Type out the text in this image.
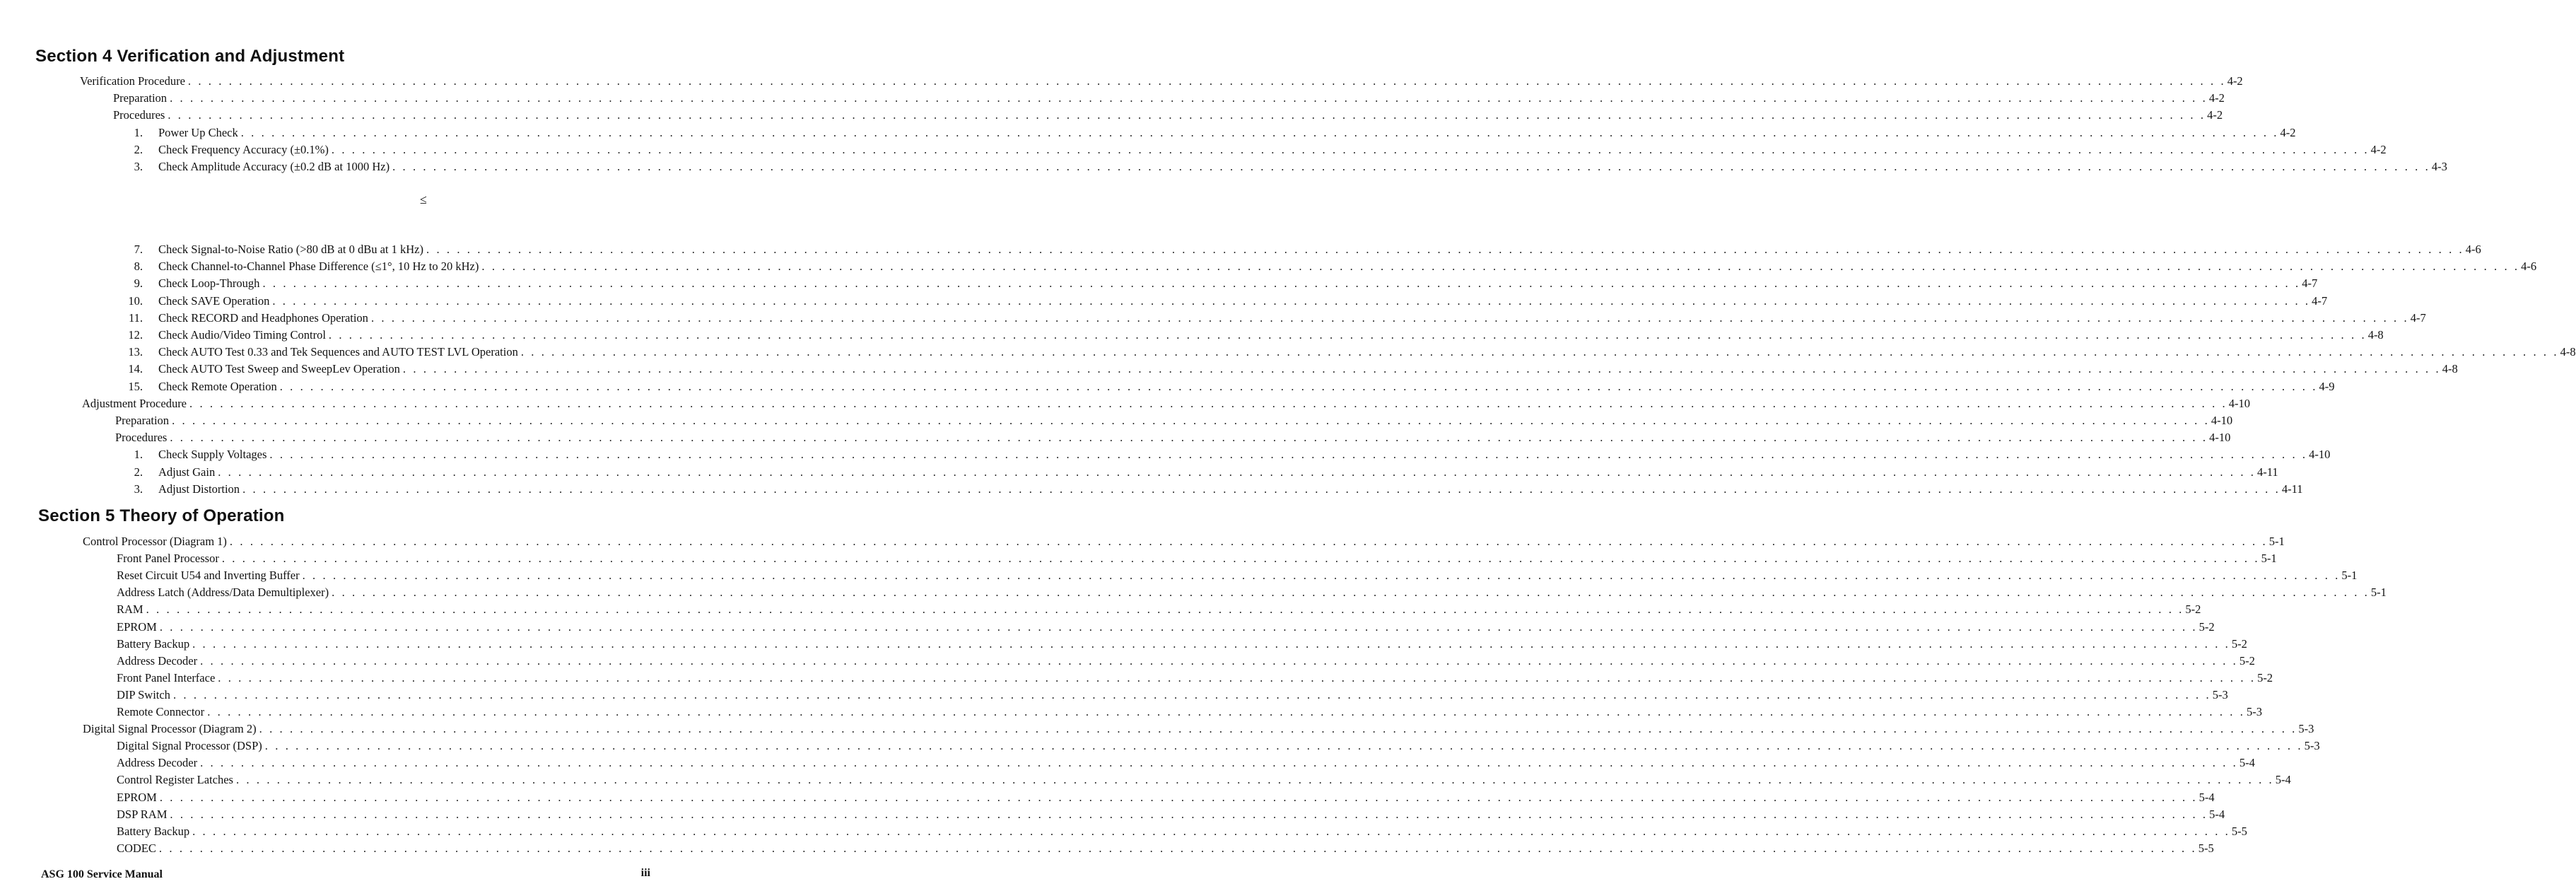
Section 4 Verification and Adjustment
Verification Procedure . . . . . . . . . . . . . . . . . . . . . . . . . . . . . . . . . . . . . . . . . . . . . . . . . . . . . . . . . . . . . . . . . . . . . . . . . . . . . . . . . . . . . . . . . . . . . . . . . . . . . . . . . . . . . . . . . . . . . . . . . . . . . . . . . . . . . . . . . . . . . . . . . . . . . . . . . . . . . . . . . . . . . . . . . . . . . . . . . . . . . . . . . . . . . . . . . . . . . . . . 4-2
Preparation . . . . . . . . . . . . . . . . . . . . . . . . . . . . . . . . . . . . . . . . . . . . . . . . . . . . . . . . . . . . . . . . . . . . . . . . . . . . . . . . . . . . . . . . . . . . . . . . . . . . . . . . . . . . . . . . . . . . . . . . . . . . . . . . . . . . . . . . . . . . . . . . . . . . . . . . . . . . . . . . . . . . . . . . . . . . . . . . . . . . . . . . . . . . . . . . . . . . . . . . 4-2
Procedures . . . . . . . . . . . . . . . . . . . . . . . . . . . . . . . . . . . . . . . . . . . . . . . . . . . . . . . . . . . . . . . . . . . . . . . . . . . . . . . . . . . . . . . . . . . . . . . . . . . . . . . . . . . . . . . . . . . . . . . . . . . . . . . . . . . . . . . . . . . . . . . . . . . . . . . . . . . . . . . . . . . . . . . . . . . . . . . . . . . . . . . . . . . . . . . . . . . . . . . . 4-2
1. Power Up Check . . . . . . . . . . . . . . . . . . . . . . . . . . . . . . . . . . . . . . . . . . . . . . . . . . . . . . . . . . . . . . . . . . . . . . . . . . . . . . . . . . . . . . . . . . . . . . . . . . . . . . . . . . . . . . . . . . . . . . . . . . . . . . . . . . . . . . . . . . . . . . . . . . . . . . . . . . . . . . . . . . . . . . . . . . . . . . . . . . . . . . . . . . . . . . . . . . . . . . . . 4-2
2. Check Frequency Accuracy (±0.1%) . . . . . . . . . . . . . . . . . . . . . . . . . . . . . . . . . . . . . . . . . . . . . . . . . . . . . . . . . . . . . . . . . . . . . . . . . . . . . . . . . . . . . . . . . . . . . . . . . . . . . . . . . . . . . . . . . . . . . . . . . . . . . . . . . . . . . . . . . . . . . . . . . . . . . . . . . . . . . . . . . . . . . . . . . . . . . . . . . . . . . . . . . . . . . . . . . . . . . . . . 4-2
3. Check Amplitude Accuracy (±0.2 dB at 1000 Hz) . . . . . . . . . . . . . . . . . . . . . . . . . . . . . . . . . . . . . . . . . . . . . . . . . . . . . . . . . . . . . . . . . . . . . . . . . . . . . . . . . . . . . . . . . . . . . . . . . . . . . . . . . . . . . . . . . . . . . . . . . . . . . . . . . . . . . . . . . . . . . . . . . . . . . . . . . . . . . . . . . . . . . . . . . . . . . . . . . . . . . . . . . . . . . . . . . . . . . . . . 4-3
≤
7. Check Signal-to-Noise Ratio (>80 dB at 0 dBu at 1 kHz) . . . . . . . . . . . . . . . . . . . . . . . . . . . . . . . . . . . . . . . . . . . . . . . . . . . . . . . . . . . . . . . . . . . . . . . . . . . . . . . . . . . . . . . . . . . . . . . . . . . . . . . . . . . . . . . . . . . . . . . . . . . . . . . . . . . . . . . . . . . . . . . . . . . . . . . . . . . . . . . . . . . . . . . . . . . . . . . . . . . . . . . . . . . . . . . . . . . . . . . . 4-6
8. Check Channel-to-Channel Phase Difference (≤1°, 10 Hz to 20 kHz) . . . . . . . . . . . . . . . . . . . . . . . . . . . . . . . . . . . . . . . . . . . . . . . . . . . . . . . . . . . . . . . . . . . . . . . . . . . . . . . . . . . . . . . . . . . . . . . . . . . . . . . . . . . . . . . . . . . . . . . . . . . . . . . . . . . . . . . . . . . . . . . . . . . . . . . . . . . . . . . . . . . . . . . . . . . . . . . . . . . . . . . . . . . . . . . . . . . . . . . . 4-6
9. Check Loop-Through . . . . . . . . . . . . . . . . . . . . . . . . . . . . . . . . . . . . . . . . . . . . . . . . . . . . . . . . . . . . . . . . . . . . . . . . . . . . . . . . . . . . . . . . . . . . . . . . . . . . . . . . . . . . . . . . . . . . . . . . . . . . . . . . . . . . . . . . . . . . . . . . . . . . . . . . . . . . . . . . . . . . . . . . . . . . . . . . . . . . . . . . . . . . . . . . . . . . . . . . 4-7
10. Check SAVE Operation . . . . . . . . . . . . . . . . . . . . . . . . . . . . . . . . . . . . . . . . . . . . . . . . . . . . . . . . . . . . . . . . . . . . . . . . . . . . . . . . . . . . . . . . . . . . . . . . . . . . . . . . . . . . . . . . . . . . . . . . . . . . . . . . . . . . . . . . . . . . . . . . . . . . . . . . . . . . . . . . . . . . . . . . . . . . . . . . . . . . . . . . . . . . . . . . . . . . . . . . 4-7
11. Check RECORD and Headphones Operation . . . . . . . . . . . . . . . . . . . . . . . . . . . . . . . . . . . . . . . . . . . . . . . . . . . . . . . . . . . . . . . . . . . . . . . . . . . . . . . . . . . . . . . . . . . . . . . . . . . . . . . . . . . . . . . . . . . . . . . . . . . . . . . . . . . . . . . . . . . . . . . . . . . . . . . . . . . . . . . . . . . . . . . . . . . . . . . . . . . . . . . . . . . . . . . . . . . . . . . . 4-7
12. Check Audio/Video Timing Control . . . . . . . . . . . . . . . . . . . . . . . . . . . . . . . . . . . . . . . . . . . . . . . . . . . . . . . . . . . . . . . . . . . . . . . . . . . . . . . . . . . . . . . . . . . . . . . . . . . . . . . . . . . . . . . . . . . . . . . . . . . . . . . . . . . . . . . . . . . . . . . . . . . . . . . . . . . . . . . . . . . . . . . . . . . . . . . . . . . . . . . . . . . . . . . . . . . . . . . . 4-8
13. Check AUTO Test 0.33 and Tek Sequences and AUTO TEST LVL Operation . . . . . . . . . . . . . . . . . . . . . . . . . . . . . . . . . . . . . . . . . . . . . . . . . . . . . . . . . . . . . . . . . . . . . . . . . . . . . . . . . . . . . . . . . . . . . . . . . . . . . . . . . . . . . . . . . . . . . . . . . . . . . . . . . . . . . . . . . . . . . . . . . . . . . . . . . . . . . . . . . . . . . . . . . . . . . . . . . . . . . . . . . . . . . . . . . . . . . . . . 4-8
14. Check AUTO Test Sweep and SweepLev Operation . . . . . . . . . . . . . . . . . . . . . . . . . . . . . . . . . . . . . . . . . . . . . . . . . . . . . . . . . . . . . . . . . . . . . . . . . . . . . . . . . . . . . . . . . . . . . . . . . . . . . . . . . . . . . . . . . . . . . . . . . . . . . . . . . . . . . . . . . . . . . . . . . . . . . . . . . . . . . . . . . . . . . . . . . . . . . . . . . . . . . . . . . . . . . . . . . . . . . . . . 4-8
15. Check Remote Operation . . . . . . . . . . . . . . . . . . . . . . . . . . . . . . . . . . . . . . . . . . . . . . . . . . . . . . . . . . . . . . . . . . . . . . . . . . . . . . . . . . . . . . . . . . . . . . . . . . . . . . . . . . . . . . . . . . . . . . . . . . . . . . . . . . . . . . . . . . . . . . . . . . . . . . . . . . . . . . . . . . . . . . . . . . . . . . . . . . . . . . . . . . . . . . . . . . . . . . . . 4-9
Adjustment Procedure . . . . . . . . . . . . . . . . . . . . . . . . . . . . . . . . . . . . . . . . . . . . . . . . . . . . . . . . . . . . . . . . . . . . . . . . . . . . . . . . . . . . . . . . . . . . . . . . . . . . . . . . . . . . . . . . . . . . . . . . . . . . . . . . . . . . . . . . . . . . . . . . . . . . . . . . . . . . . . . . . . . . . . . . . . . . . . . . . . . . . . . . . . . . . . . . . . . . . . . . 4-10
Preparation . . . . . . . . . . . . . . . . . . . . . . . . . . . . . . . . . . . . . . . . . . . . . . . . . . . . . . . . . . . . . . . . . . . . . . . . . . . . . . . . . . . . . . . . . . . . . . . . . . . . . . . . . . . . . . . . . . . . . . . . . . . . . . . . . . . . . . . . . . . . . . . . . . . . . . . . . . . . . . . . . . . . . . . . . . . . . . . . . . . . . . . . . . . . . . . . . . . . . . . . 4-10
Procedures . . . . . . . . . . . . . . . . . . . . . . . . . . . . . . . . . . . . . . . . . . . . . . . . . . . . . . . . . . . . . . . . . . . . . . . . . . . . . . . . . . . . . . . . . . . . . . . . . . . . . . . . . . . . . . . . . . . . . . . . . . . . . . . . . . . . . . . . . . . . . . . . . . . . . . . . . . . . . . . . . . . . . . . . . . . . . . . . . . . . . . . . . . . . . . . . . . . . . . . . 4-10
1. Check Supply Voltages . . . . . . . . . . . . . . . . . . . . . . . . . . . . . . . . . . . . . . . . . . . . . . . . . . . . . . . . . . . . . . . . . . . . . . . . . . . . . . . . . . . . . . . . . . . . . . . . . . . . . . . . . . . . . . . . . . . . . . . . . . . . . . . . . . . . . . . . . . . . . . . . . . . . . . . . . . . . . . . . . . . . . . . . . . . . . . . . . . . . . . . . . . . . . . . . . . . . . . . . 4-10
2. Adjust Gain . . . . . . . . . . . . . . . . . . . . . . . . . . . . . . . . . . . . . . . . . . . . . . . . . . . . . . . . . . . . . . . . . . . . . . . . . . . . . . . . . . . . . . . . . . . . . . . . . . . . . . . . . . . . . . . . . . . . . . . . . . . . . . . . . . . . . . . . . . . . . . . . . . . . . . . . . . . . . . . . . . . . . . . . . . . . . . . . . . . . . . . . . . . . . . . . . . . . . . . . 4-11
3. Adjust Distortion . . . . . . . . . . . . . . . . . . . . . . . . . . . . . . . . . . . . . . . . . . . . . . . . . . . . . . . . . . . . . . . . . . . . . . . . . . . . . . . . . . . . . . . . . . . . . . . . . . . . . . . . . . . . . . . . . . . . . . . . . . . . . . . . . . . . . . . . . . . . . . . . . . . . . . . . . . . . . . . . . . . . . . . . . . . . . . . . . . . . . . . . . . . . . . . . . . . . . . . . 4-11
Section 5 Theory of Operation
Control Processor (Diagram 1) . . . . . . . . . . . . . . . . . . . . . . . . . . . . . . . . . . . . . . . . . . . . . . . . . . . . . . . . . . . . . . . . . . . . . . . . . . . . . . . . . . . . . . . . . . . . . . . . . . . . . . . . . . . . . . . . . . . . . . . . . . . . . . . . . . . . . . . . . . . . . . . . . . . . . . . . . . . . . . . . . . . . . . . . . . . . . . . . . . . . . . . . . . . . . . . . . . . . . . . . 5-1
Front Panel Processor . . . . . . . . . . . . . . . . . . . . . . . . . . . . . . . . . . . . . . . . . . . . . . . . . . . . . . . . . . . . . . . . . . . . . . . . . . . . . . . . . . . . . . . . . . . . . . . . . . . . . . . . . . . . . . . . . . . . . . . . . . . . . . . . . . . . . . . . . . . . . . . . . . . . . . . . . . . . . . . . . . . . . . . . . . . . . . . . . . . . . . . . . . . . . . . . . . . . . . . . 5-1
Reset Circuit U54 and Inverting Buffer . . . . . . . . . . . . . . . . . . . . . . . . . . . . . . . . . . . . . . . . . . . . . . . . . . . . . . . . . . . . . . . . . . . . . . . . . . . . . . . . . . . . . . . . . . . . . . . . . . . . . . . . . . . . . . . . . . . . . . . . . . . . . . . . . . . . . . . . . . . . . . . . . . . . . . . . . . . . . . . . . . . . . . . . . . . . . . . . . . . . . . . . . . . . . . . . . . . . . . . . 5-1
Address Latch (Address/Data Demultiplexer) . . . . . . . . . . . . . . . . . . . . . . . . . . . . . . . . . . . . . . . . . . . . . . . . . . . . . . . . . . . . . . . . . . . . . . . . . . . . . . . . . . . . . . . . . . . . . . . . . . . . . . . . . . . . . . . . . . . . . . . . . . . . . . . . . . . . . . . . . . . . . . . . . . . . . . . . . . . . . . . . . . . . . . . . . . . . . . . . . . . . . . . . . . . . . . . . . . . . . . . . 5-1
RAM . . . . . . . . . . . . . . . . . . . . . . . . . . . . . . . . . . . . . . . . . . . . . . . . . . . . . . . . . . . . . . . . . . . . . . . . . . . . . . . . . . . . . . . . . . . . . . . . . . . . . . . . . . . . . . . . . . . . . . . . . . . . . . . . . . . . . . . . . . . . . . . . . . . . . . . . . . . . . . . . . . . . . . . . . . . . . . . . . . . . . . . . . . . . . . . . . . . . . . . . 5-2
EPROM . . . . . . . . . . . . . . . . . . . . . . . . . . . . . . . . . . . . . . . . . . . . . . . . . . . . . . . . . . . . . . . . . . . . . . . . . . . . . . . . . . . . . . . . . . . . . . . . . . . . . . . . . . . . . . . . . . . . . . . . . . . . . . . . . . . . . . . . . . . . . . . . . . . . . . . . . . . . . . . . . . . . . . . . . . . . . . . . . . . . . . . . . . . . . . . . . . . . . . . . 5-2
Battery Backup . . . . . . . . . . . . . . . . . . . . . . . . . . . . . . . . . . . . . . . . . . . . . . . . . . . . . . . . . . . . . . . . . . . . . . . . . . . . . . . . . . . . . . . . . . . . . . . . . . . . . . . . . . . . . . . . . . . . . . . . . . . . . . . . . . . . . . . . . . . . . . . . . . . . . . . . . . . . . . . . . . . . . . . . . . . . . . . . . . . . . . . . . . . . . . . . . . . . . . . . 5-2
Address Decoder . . . . . . . . . . . . . . . . . . . . . . . . . . . . . . . . . . . . . . . . . . . . . . . . . . . . . . . . . . . . . . . . . . . . . . . . . . . . . . . . . . . . . . . . . . . . . . . . . . . . . . . . . . . . . . . . . . . . . . . . . . . . . . . . . . . . . . . . . . . . . . . . . . . . . . . . . . . . . . . . . . . . . . . . . . . . . . . . . . . . . . . . . . . . . . . . . . . . . . . . 5-2
Front Panel Interface . . . . . . . . . . . . . . . . . . . . . . . . . . . . . . . . . . . . . . . . . . . . . . . . . . . . . . . . . . . . . . . . . . . . . . . . . . . . . . . . . . . . . . . . . . . . . . . . . . . . . . . . . . . . . . . . . . . . . . . . . . . . . . . . . . . . . . . . . . . . . . . . . . . . . . . . . . . . . . . . . . . . . . . . . . . . . . . . . . . . . . . . . . . . . . . . . . . . . . . . 5-2
DIP Switch . . . . . . . . . . . . . . . . . . . . . . . . . . . . . . . . . . . . . . . . . . . . . . . . . . . . . . . . . . . . . . . . . . . . . . . . . . . . . . . . . . . . . . . . . . . . . . . . . . . . . . . . . . . . . . . . . . . . . . . . . . . . . . . . . . . . . . . . . . . . . . . . . . . . . . . . . . . . . . . . . . . . . . . . . . . . . . . . . . . . . . . . . . . . . . . . . . . . . . . . 5-3
Remote Connector . . . . . . . . . . . . . . . . . . . . . . . . . . . . . . . . . . . . . . . . . . . . . . . . . . . . . . . . . . . . . . . . . . . . . . . . . . . . . . . . . . . . . . . . . . . . . . . . . . . . . . . . . . . . . . . . . . . . . . . . . . . . . . . . . . . . . . . . . . . . . . . . . . . . . . . . . . . . . . . . . . . . . . . . . . . . . . . . . . . . . . . . . . . . . . . . . . . . . . . . 5-3
Digital Signal Processor (Diagram 2) . . . . . . . . . . . . . . . . . . . . . . . . . . . . . . . . . . . . . . . . . . . . . . . . . . . . . . . . . . . . . . . . . . . . . . . . . . . . . . . . . . . . . . . . . . . . . . . . . . . . . . . . . . . . . . . . . . . . . . . . . . . . . . . . . . . . . . . . . . . . . . . . . . . . . . . . . . . . . . . . . . . . . . . . . . . . . . . . . . . . . . . . . . . . . . . . . . . . . . . . 5-3
Digital Signal Processor (DSP) . . . . . . . . . . . . . . . . . . . . . . . . . . . . . . . . . . . . . . . . . . . . . . . . . . . . . . . . . . . . . . . . . . . . . . . . . . . . . . . . . . . . . . . . . . . . . . . . . . . . . . . . . . . . . . . . . . . . . . . . . . . . . . . . . . . . . . . . . . . . . . . . . . . . . . . . . . . . . . . . . . . . . . . . . . . . . . . . . . . . . . . . . . . . . . . . . . . . . . . . 5-3
Address Decoder . . . . . . . . . . . . . . . . . . . . . . . . . . . . . . . . . . . . . . . . . . . . . . . . . . . . . . . . . . . . . . . . . . . . . . . . . . . . . . . . . . . . . . . . . . . . . . . . . . . . . . . . . . . . . . . . . . . . . . . . . . . . . . . . . . . . . . . . . . . . . . . . . . . . . . . . . . . . . . . . . . . . . . . . . . . . . . . . . . . . . . . . . . . . . . . . . . . . . . . . 5-4
Control Register Latches . . . . . . . . . . . . . . . . . . . . . . . . . . . . . . . . . . . . . . . . . . . . . . . . . . . . . . . . . . . . . . . . . . . . . . . . . . . . . . . . . . . . . . . . . . . . . . . . . . . . . . . . . . . . . . . . . . . . . . . . . . . . . . . . . . . . . . . . . . . . . . . . . . . . . . . . . . . . . . . . . . . . . . . . . . . . . . . . . . . . . . . . . . . . . . . . . . . . . . . . 5-4
EPROM . . . . . . . . . . . . . . . . . . . . . . . . . . . . . . . . . . . . . . . . . . . . . . . . . . . . . . . . . . . . . . . . . . . . . . . . . . . . . . . . . . . . . . . . . . . . . . . . . . . . . . . . . . . . . . . . . . . . . . . . . . . . . . . . . . . . . . . . . . . . . . . . . . . . . . . . . . . . . . . . . . . . . . . . . . . . . . . . . . . . . . . . . . . . . . . . . . . . . . . . 5-4
DSP RAM . . . . . . . . . . . . . . . . . . . . . . . . . . . . . . . . . . . . . . . . . . . . . . . . . . . . . . . . . . . . . . . . . . . . . . . . . . . . . . . . . . . . . . . . . . . . . . . . . . . . . . . . . . . . . . . . . . . . . . . . . . . . . . . . . . . . . . . . . . . . . . . . . . . . . . . . . . . . . . . . . . . . . . . . . . . . . . . . . . . . . . . . . . . . . . . . . . . . . . . . 5-4
Battery Backup . . . . . . . . . . . . . . . . . . . . . . . . . . . . . . . . . . . . . . . . . . . . . . . . . . . . . . . . . . . . . . . . . . . . . . . . . . . . . . . . . . . . . . . . . . . . . . . . . . . . . . . . . . . . . . . . . . . . . . . . . . . . . . . . . . . . . . . . . . . . . . . . . . . . . . . . . . . . . . . . . . . . . . . . . . . . . . . . . . . . . . . . . . . . . . . . . . . . . . . . 5-5
CODEC . . . . . . . . . . . . . . . . . . . . . . . . . . . . . . . . . . . . . . . . . . . . . . . . . . . . . . . . . . . . . . . . . . . . . . . . . . . . . . . . . . . . . . . . . . . . . . . . . . . . . . . . . . . . . . . . . . . . . . . . . . . . . . . . . . . . . . . . . . . . . . . . . . . . . . . . . . . . . . . . . . . . . . . . . . . . . . . . . . . . . . . . . . . . . . . . . . . . . . . . 5-5
ASG 100 Service Manual	iii
